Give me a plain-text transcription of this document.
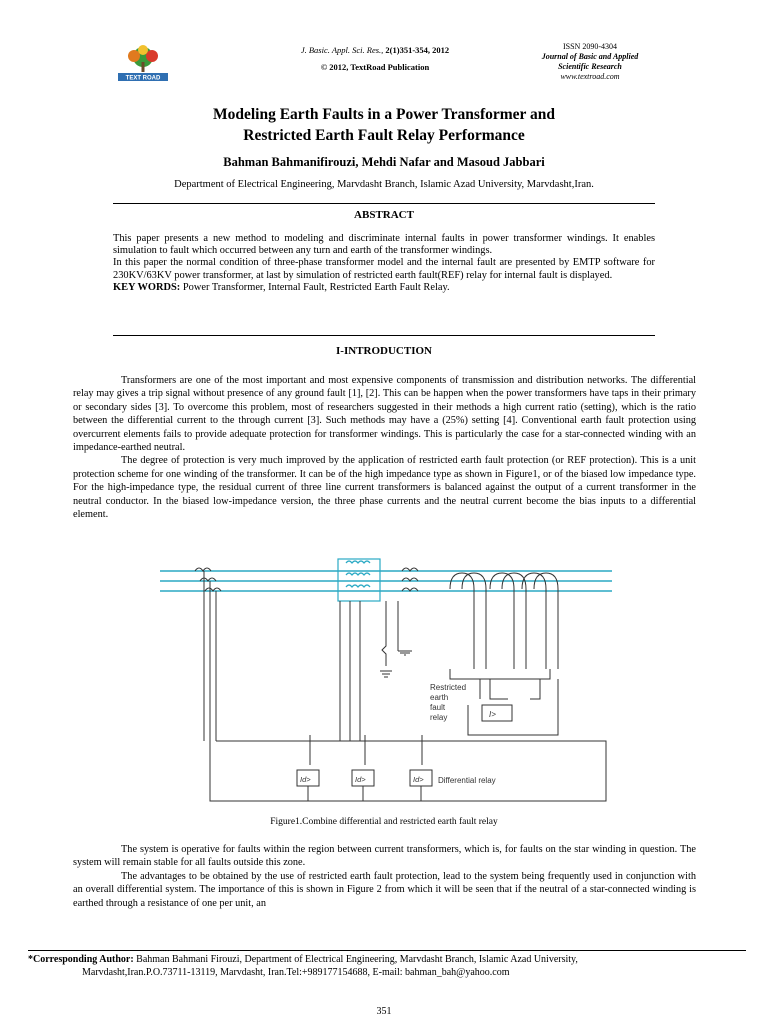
TEXT ROAD
J. Basic. Appl. Sci. Res., 2(1)351-354, 2012
© 2012, TextRoad Publication
ISSN 2090-4304
Journal of Basic and Applied
Scientific Research
www.textroad.com
Modeling Earth Faults in a Power Transformer and
Restricted Earth Fault Relay Performance
Bahman Bahmanifirouzi, Mehdi Nafar and Masoud Jabbari
Department of Electrical Engineering, Marvdasht Branch, Islamic Azad University, Marvdasht,Iran.
ABSTRACT

This paper presents a new method to modeling and discriminate internal faults in power transformer windings. It enables simulation to fault which occurred between any turn and earth of the transformer windings.

In this paper the normal condition of three-phase transformer model and the internal fault are presented by EMTP software for 230KV/63KV power transformer, at last by simulation of restricted earth fault(REF) relay for internal fault is displayed.

KEY WORDS: Power Transformer, Internal Fault, Restricted Earth Fault Relay.

I-INTRODUCTION

Transformers are one of the most important and most expensive components of transmission and distribution networks. The differential relay may gives a trip signal without presence of any ground fault [1], [2]. This can be happen when the power transformers have taps in their primary or secondary sides [3]. To overcome this problem, most of researchers suggested in their methods a high current ratio (setting), which is the ratio between the differential current to the through current [3]. Such methods may have a (25%) setting [4]. Conventional earth fault protection using overcurrent elements fails to provide adequate protection for transformer windings. This is particularly the case for a star-connected winding with an impedance-earthed neutral.

The degree of protection is very much improved by the application of restricted earth fault protection (or REF protection). This is a unit protection scheme for one winding of the transformer. It can be of the high impedance type as shown in Figure1, or of the biased low impedance type. For the high-impedance type, the residual current of three line current transformers is balanced against the output of a current transformer in the neutral conductor. In the biased low-impedance version, the three phase currents and the neutral current become the bias inputs to a differential element.

Restricted
earth
fault
relay	I>
Id>	Id>	Id> Differential relay
Figure1.Combine differential and restricted earth fault relay

The system is operative for faults within the region between current transformers, which is, for faults on the star winding in question. The system will remain stable for all faults outside this zone.

The advantages to be obtained by the use of restricted earth fault protection, lead to the system being frequently used in conjunction with an overall differential system. The importance of this is shown in Figure 2 from which it will be seen that if the neutral of a star-connected winding is earthed through a resistance of one per unit, an

*Corresponding Author: Bahman Bahmani Firouzi, Department of Electrical Engineering, Marvdasht Branch, Islamic Azad University,
Marvdasht,Iran.P.O.73711-13119, Marvdasht, Iran.Tel:+989177154688, E-mail: bahman_bah@yahoo.com
351
